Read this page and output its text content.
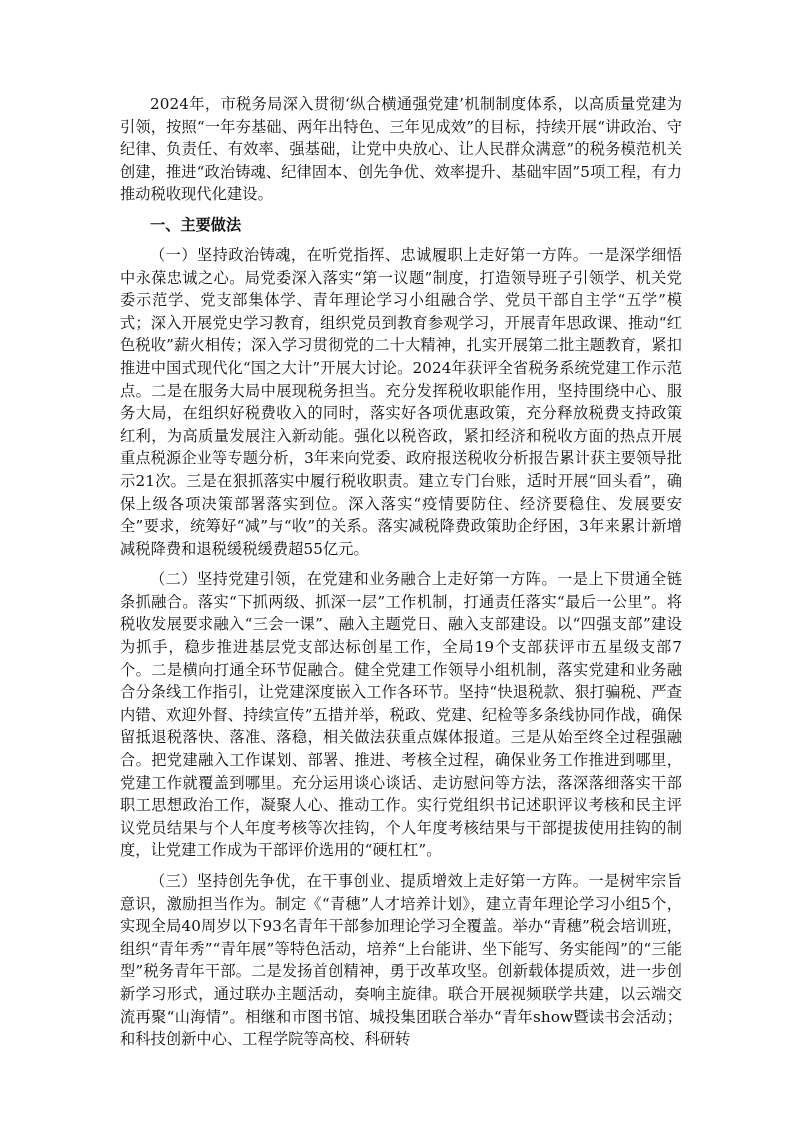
2024年，市税务局深入贯彻‘纵合横通强党建’机制制度体系，以高质量党建为引领，按照“一年夯基础、两年出特色、三年见成效”的目标，持续开展“讲政治、守纪律、负责任、有效率、强基础，让党中央放心、让人民群众满意”的税务模范机关创建，推进“政治铸魂、纪律固本、创先争优、效率提升、基础牢固”5项工程，有力推动税收现代化建设。

一、主要做法

（一）坚持政治铸魂，在听党指挥、忠诚履职上走好第一方阵。一是深学细悟中永葆忠诚之心。局党委深入落实“第一议题”制度，打造领导班子引领学、机关党委示范学、党支部集体学、青年理论学习小组融合学、党员干部自主学“五学”模式；深入开展党史学习教育，组织党员到教育参观学习，开展青年思政课、推动“红色税收”薪火相传；深入学习贯彻党的二十大精神，扎实开展第二批主题教育，紧扣推进中国式现代化“国之大计”开展大讨论。2024年获评全省税务系统党建工作示范点。二是在服务大局中展现税务担当。充分发挥税收职能作用，坚持围绕中心、服务大局，在组织好税费收入的同时，落实好各项优惠政策，充分释放税费支持政策红利，为高质量发展注入新动能。强化以税咨政，紧扣经济和税收方面的热点开展重点税源企业等专题分析，3年来向党委、政府报送税收分析报告累计获主要领导批示21次。三是在狠抓落实中履行税收职责。建立专门台账，适时开展“回头看”，确保上级各项决策部署落实到位。深入落实“疫情要防住、经济要稳住、发展要安全”要求，统筹好“减”与“收”的关系。落实减税降费政策助企纾困，3年来累计新增减税降费和退税缓税缓费超55亿元。

（二）坚持党建引领，在党建和业务融合上走好第一方阵。一是上下贯通全链条抓融合。落实“下抓两级、抓深一层”工作机制，打通责任落实“最后一公里”。将税收发展要求融入“三会一课”、融入主题党日、融入支部建设。以“四强支部”建设为抓手，稳步推进基层党支部达标创星工作，全局19个支部获评市五星级支部7个。二是横向打通全环节促融合。健全党建工作领导小组机制，落实党建和业务融合分条线工作指引，让党建深度嵌入工作各环节。坚持“快退税款、狠打骗税、严查内错、欢迎外督、持续宣传”五措并举，税政、党建、纪检等多条线协同作战，确保留抵退税落快、落准、落稳，相关做法获重点媒体报道。三是从始至终全过程强融合。把党建融入工作谋划、部署、推进、考核全过程，确保业务工作推进到哪里，党建工作就覆盖到哪里。充分运用谈心谈话、走访慰问等方法，落深落细落实干部职工思想政治工作，凝聚人心、推动工作。实行党组织书记述职评议考核和民主评议党员结果与个人年度考核等次挂钩，个人年度考核结果与干部提拔使用挂钩的制度，让党建工作成为干部评价选用的“硬杠杠”。

（三）坚持创先争优，在干事创业、提质增效上走好第一方阵。一是树牢宗旨意识，激励担当作为。制定《“青穗”人才培养计划》，建立青年理论学习小组5个，实现全局40周岁以下93名青年干部参加理论学习全覆盖。举办“青穗”税会培训班，组织“青年秀”“青年展”等特色活动，培养“上台能讲、坐下能写、务实能闯”的“三能型”税务青年干部。二是发扬首创精神，勇于改革攻坚。创新载体提质效，进一步创新学习形式，通过联办主题活动，奏响主旋律。联合开展视频联学共建，以云端交流再聚“山海情”。相继和市图书馆、城投集团联合举办“青年show暨读书会活动；和科技创新中心、工程学院等高校、科研转
